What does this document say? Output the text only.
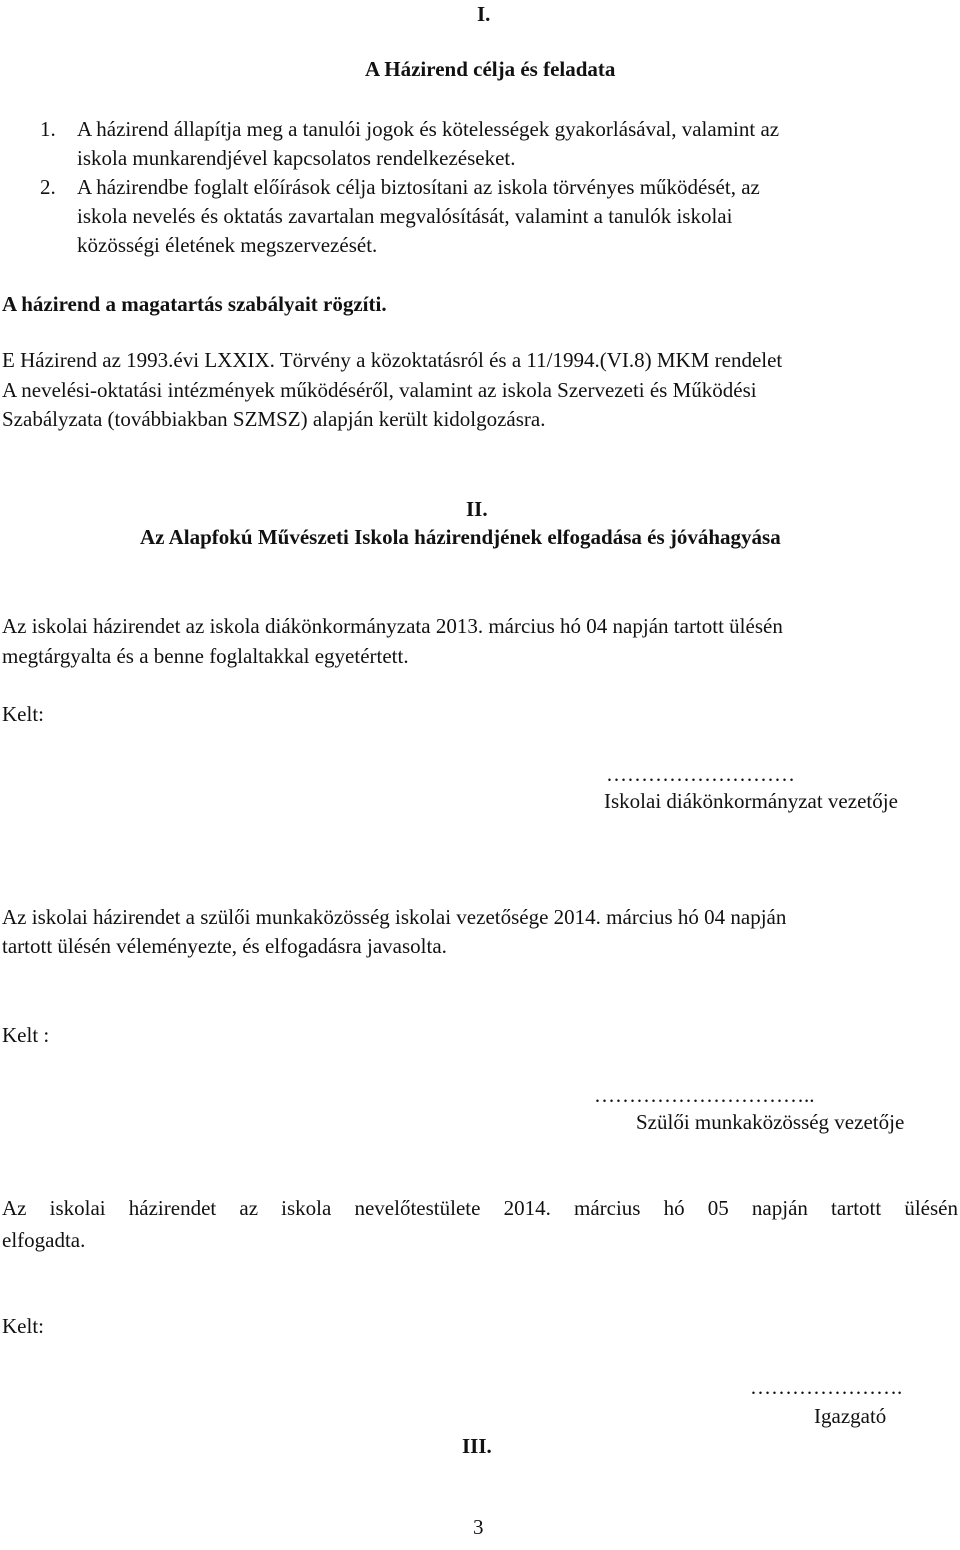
I.
A Házirend célja és feladata
1. A házirend állapítja meg a tanulói jogok és kötelességek gyakorlásával, valamint az
iskola munkarendjével kapcsolatos rendelkezéseket.
2. A házirendbe foglalt előírások célja biztosítani az iskola törvényes működését, az
iskola nevelés és oktatás zavartalan megvalósítását, valamint a tanulók iskolai
közösségi életének megszervezését.
A házirend a magatartás szabályait rögzíti.
E Házirend az 1993.évi LXXIX. Törvény a közoktatásról és a 11/1994.(VI.8) MKM rendelet
A nevelési-oktatási intézmények működéséről, valamint az iskola Szervezeti és Működési
Szabályzata (továbbiakban SZMSZ) alapján került kidolgozásra.
II.
Az Alapfokú Művészeti Iskola házirendjének elfogadása és jóváhagyása
Az iskolai házirendet az iskola diákönkormányzata 2013. március hó 04 napján tartott ülésén
megtárgyalta és a benne foglaltakkal egyetértett.
Kelt:
………………………
Iskolai diákönkormányzat vezetője
Az iskolai házirendet a szülői munkaközösség iskolai vezetősége 2014. március hó 04 napján
tartott ülésén véleményezte, és elfogadásra javasolta.
Kelt :
…………………………..
Szülői munkaközösség vezetője
Az iskolai házirendet az iskola nevelőtestülete 2014. március hó 05 napján tartott ülésén
elfogadta.
Kelt:
………………….
Igazgató
III.
3
